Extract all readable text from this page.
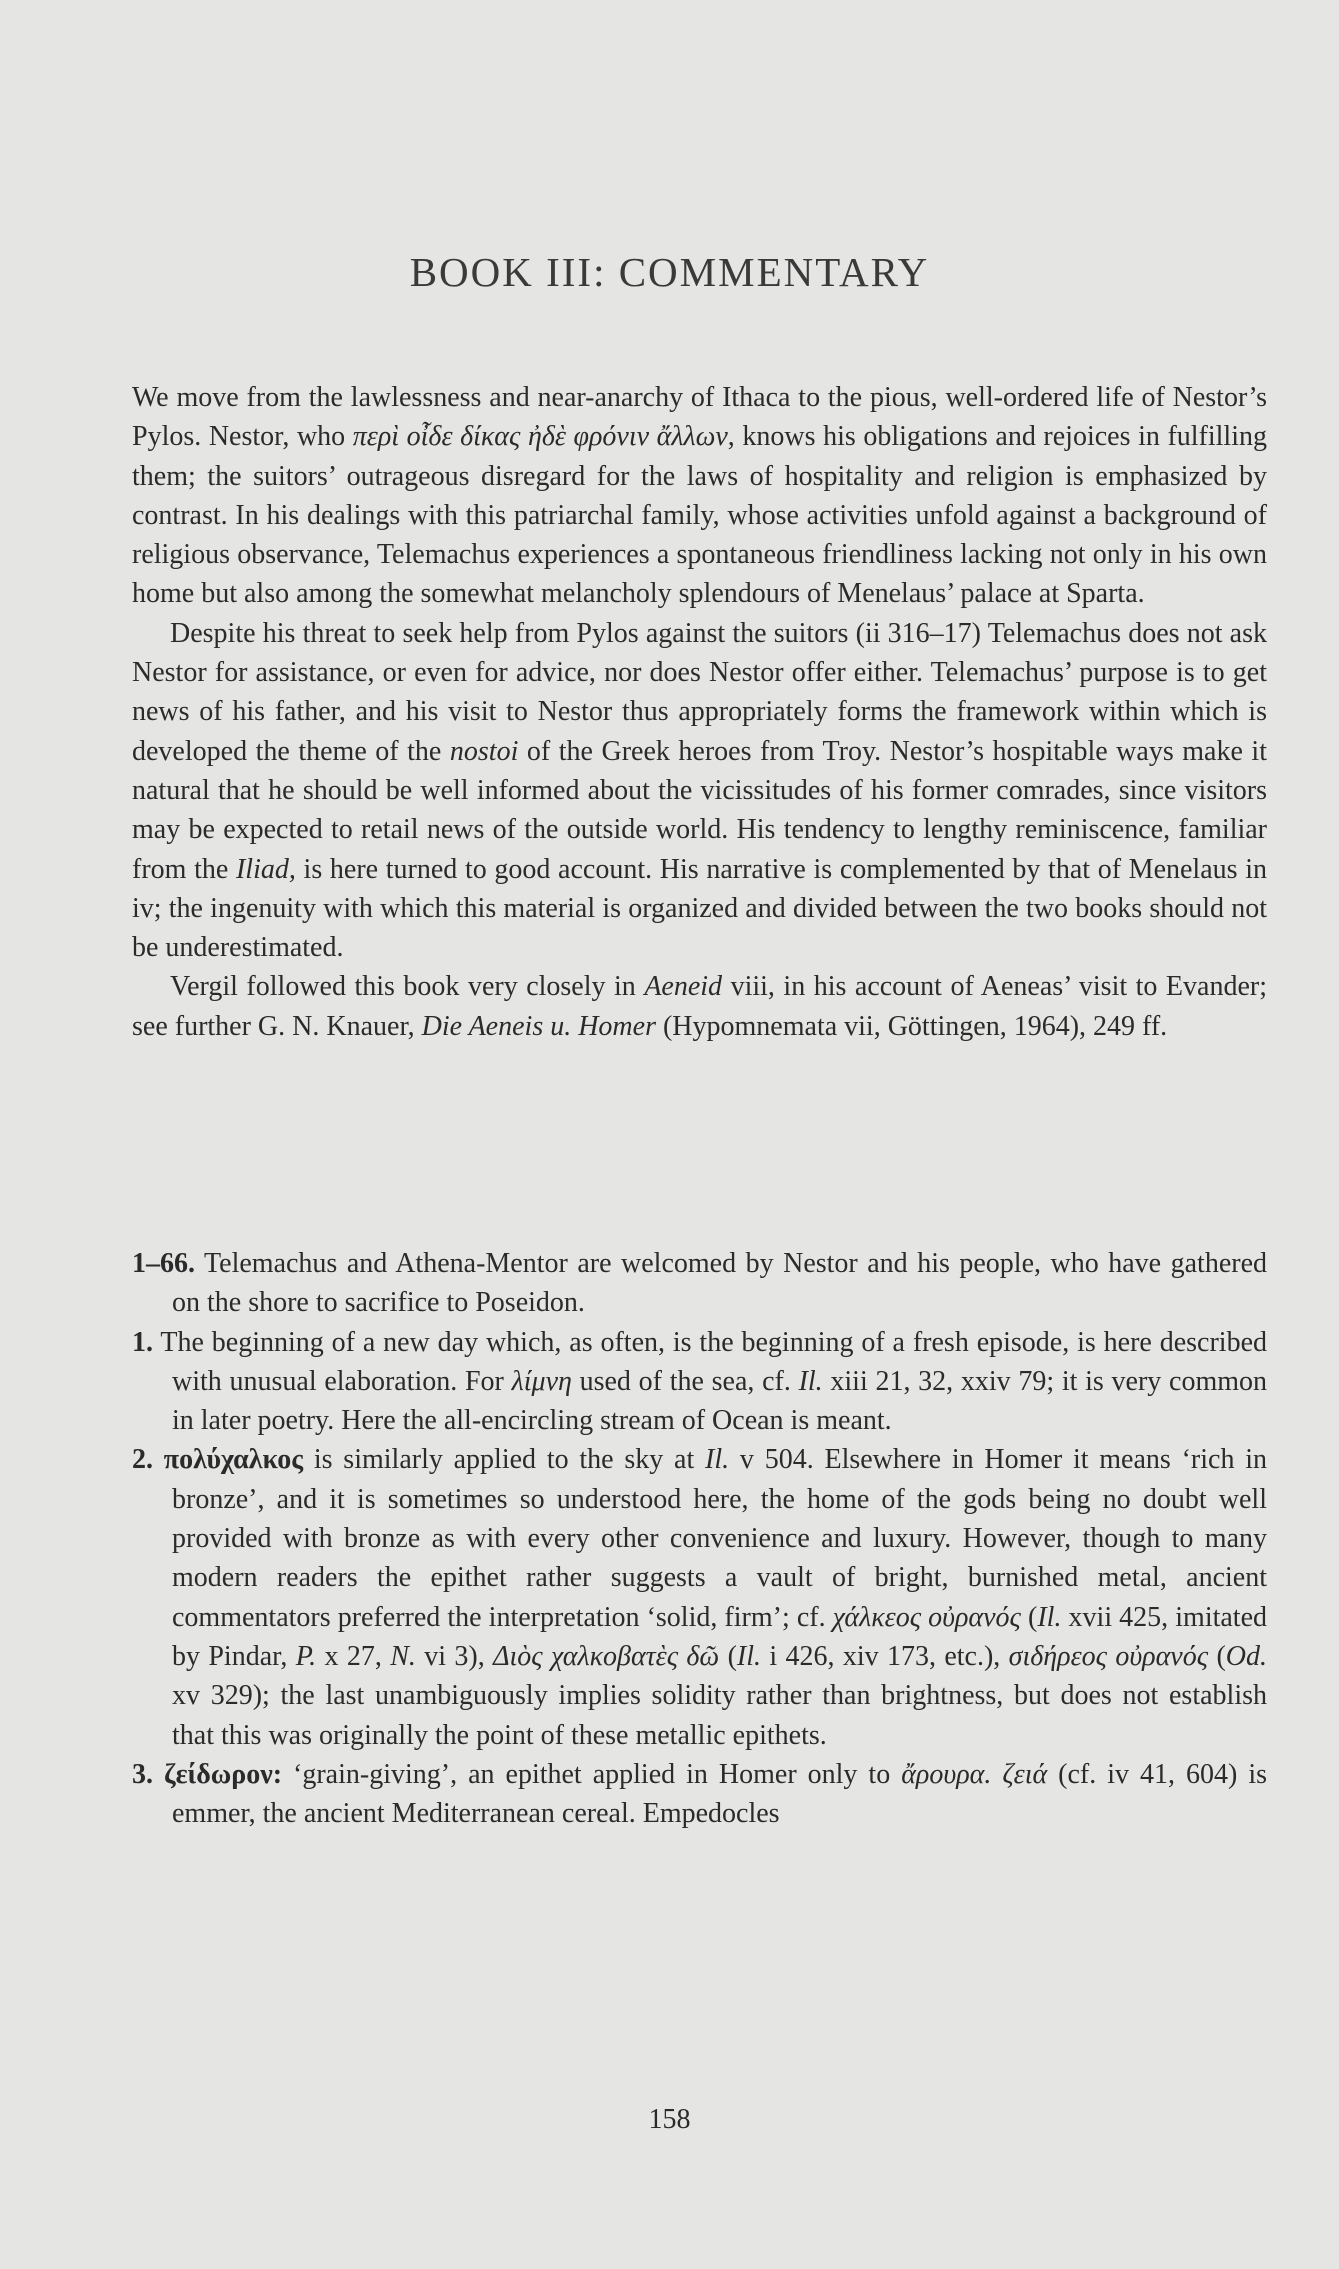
BOOK III: COMMENTARY

We move from the lawlessness and near-anarchy of Ithaca to the pious, well-ordered life of Nestor’s Pylos. Nestor, who περὶ οἶδε δίκας ἠδὲ φρόνιν ἄλλων, knows his obligations and rejoices in fulfilling them; the suitors’ outrageous disregard for the laws of hospitality and religion is emphasized by contrast. In his dealings with this patriarchal family, whose activities unfold against a background of religious observance, Telemachus experiences a spontaneous friendliness lacking not only in his own home but also among the somewhat melancholy splendours of Menelaus’ palace at Sparta.

Despite his threat to seek help from Pylos against the suitors (ii 316–17) Telemachus does not ask Nestor for assistance, or even for advice, nor does Nestor offer either. Telemachus’ purpose is to get news of his father, and his visit to Nestor thus appropriately forms the framework within which is developed the theme of the nostoi of the Greek heroes from Troy. Nestor’s hospitable ways make it natural that he should be well informed about the vicissitudes of his former comrades, since visitors may be expected to retail news of the outside world. His tendency to lengthy reminiscence, familiar from the Iliad, is here turned to good account. His narrative is complemented by that of Menelaus in iv; the ingenuity with which this material is organized and divided between the two books should not be underestimated.

Vergil followed this book very closely in Aeneid viii, in his account of Aeneas’ visit to Evander; see further G. N. Knauer, Die Aeneis u. Homer (Hypomnemata vii, Göttingen, 1964), 249 ff.

1–66. Telemachus and Athena-Mentor are welcomed by Nestor and his people, who have gathered on the shore to sacrifice to Poseidon.

1. The beginning of a new day which, as often, is the beginning of a fresh episode, is here described with unusual elaboration. For λίμνη used of the sea, cf. Il. xiii 21, 32, xxiv 79; it is very common in later poetry. Here the all-encircling stream of Ocean is meant.

2. πολύχαλκος is similarly applied to the sky at Il. v 504. Elsewhere in Homer it means ‘rich in bronze’, and it is sometimes so understood here, the home of the gods being no doubt well provided with bronze as with every other convenience and luxury. However, though to many modern readers the epithet rather suggests a vault of bright, burnished metal, ancient commentators preferred the interpretation ‘solid, firm’; cf. χάλκεος οὐρανός (Il. xvii 425, imitated by Pindar, P. x 27, N. vi 3), Διὸς χαλκοβατὲς δῶ (Il. i 426, xiv 173, etc.), σιδήρεος οὐρανός (Od. xv 329); the last unambiguously implies solidity rather than brightness, but does not establish that this was originally the point of these metallic epithets.

3. ζείδωρον: ‘grain-giving’, an epithet applied in Homer only to ἄρουρα. ζειά (cf. iv 41, 604) is emmer, the ancient Mediterranean cereal. Empedocles

158
